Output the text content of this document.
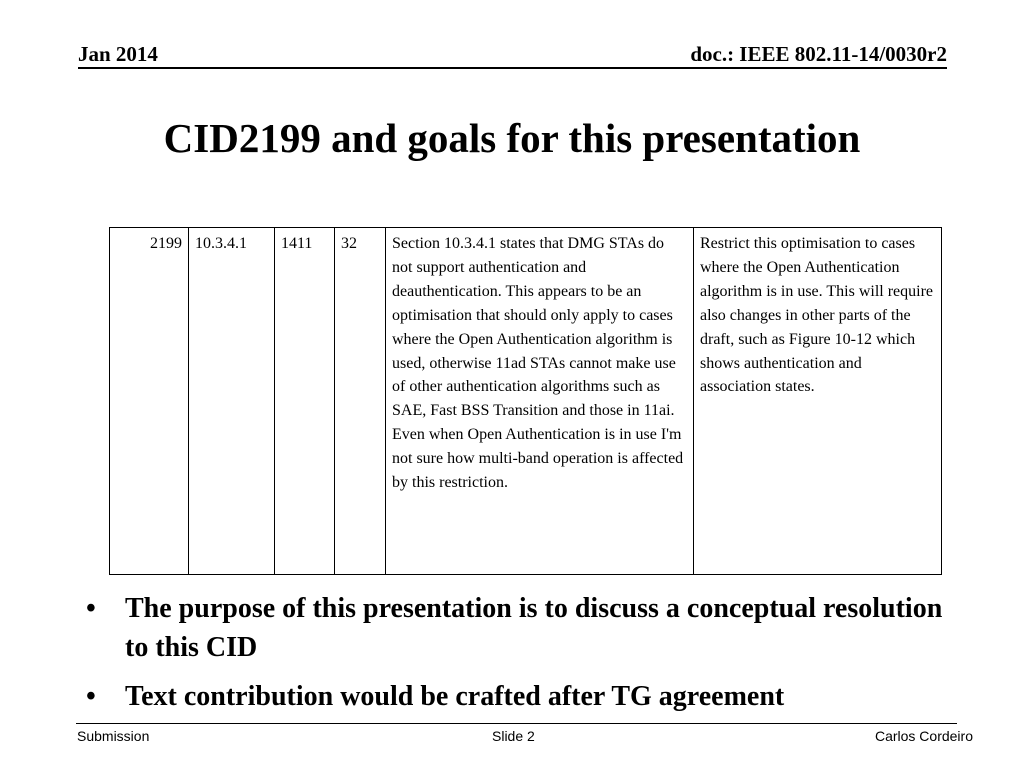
Jan 2014	doc.: IEEE 802.11-14/0030r2
CID2199 and goals for this presentation
2199	10.3.4.1	1411	32	Section 10.3.4.1 states that DMG STAs do not support authentication and deauthentication. This appears to be an optimisation that should only apply to cases where the Open Authentication algorithm is used, otherwise 11ad STAs cannot make use of other authentication algorithms such as SAE, Fast BSS Transition and those in 11ai. Even when Open Authentication is in use I'm not sure how multi-band operation is affected by this restriction.	Restrict this optimisation to cases where the Open Authentication algorithm is in use. This will require also changes in other parts of the draft, such as Figure 10-12 which shows authentication and association states.
• The purpose of this presentation is to discuss a conceptual resolution to this CID
• Text contribution would be crafted after TG agreement
Submission	Slide 2	Carlos Cordeiro
